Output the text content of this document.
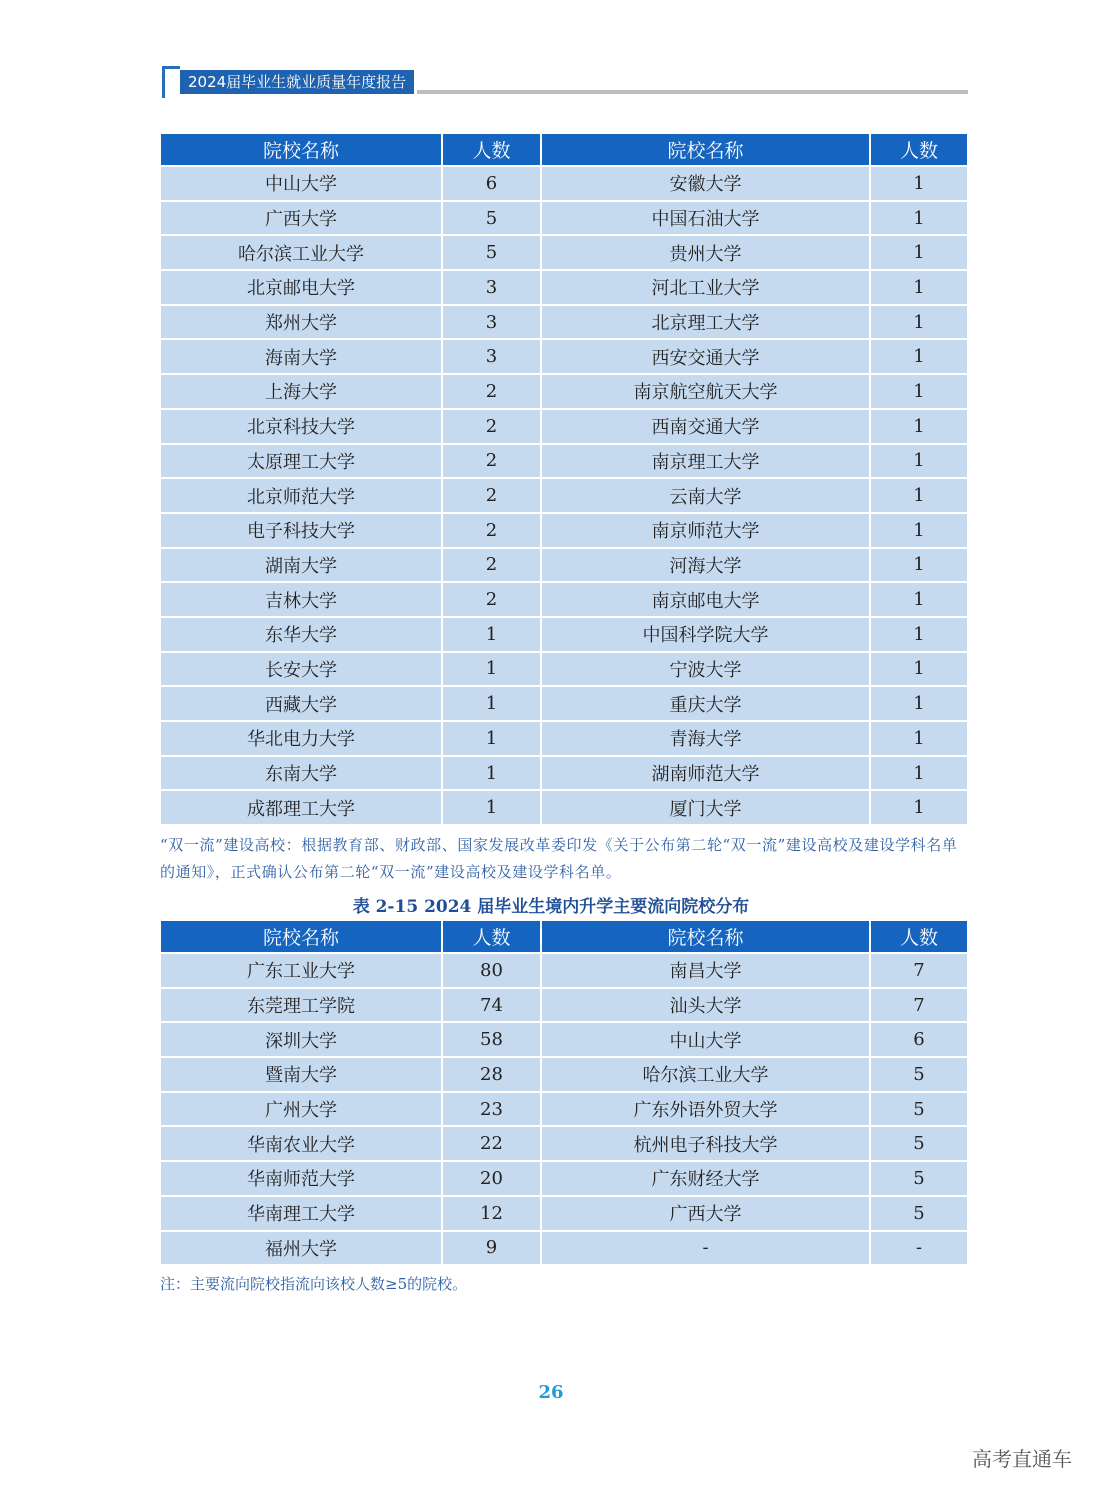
2024届毕业生就业质量年度报告
院校名称	人数	院校名称	人数
中山大学	6	安徽大学	1
广西大学	5	中国石油大学	1
哈尔滨工业大学	5	贵州大学	1
北京邮电大学	3	河北工业大学	1
郑州大学	3	北京理工大学	1
海南大学	3	西安交通大学	1
上海大学	2	南京航空航天大学	1
北京科技大学	2	西南交通大学	1
太原理工大学	2	南京理工大学	1
北京师范大学	2	云南大学	1
电子科技大学	2	南京师范大学	1
湖南大学	2	河海大学	1
吉林大学	2	南京邮电大学	1
东华大学	1	中国科学院大学	1
长安大学	1	宁波大学	1
西藏大学	1	重庆大学	1
华北电力大学	1	青海大学	1
东南大学	1	湖南师范大学	1
成都理工大学	1	厦门大学	1
“双一流”建设高校：根据教育部、财政部、国家发展改革委印发《关于公布第二轮“双一流”建设高校及建设学科名单的通知》，正式确认公布第二轮“双一流”建设高校及建设学科名单。
表 2-15 2024 届毕业生境内升学主要流向院校分布
院校名称	人数	院校名称	人数
广东工业大学	80	南昌大学	7
东莞理工学院	74	汕头大学	7
深圳大学	58	中山大学	6
暨南大学	28	哈尔滨工业大学	5
广州大学	23	广东外语外贸大学	5
华南农业大学	22	杭州电子科技大学	5
华南师范大学	20	广东财经大学	5
华南理工大学	12	广西大学	5
福州大学	9	-	-
注：主要流向院校指流向该校人数≥5的院校。
26
高考直通车
